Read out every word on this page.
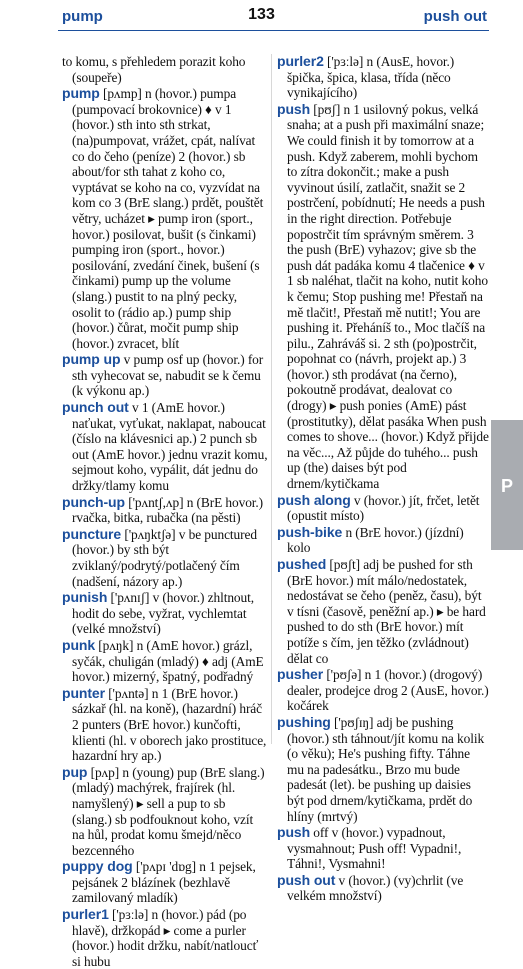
pump	133	push out

to komu, s přehledem porazit koho (soupeře)

pump [pʌmp] n (hovor.) pumpa (pumpovací brokovnice) ♦ v 1 (hovor.) sth into sth strkat, (na)pumpovat, vrážet, cpát, nalívat co do čeho (peníze) 2 (hovor.) sb about/for sth tahat z koho co, vyptávat se koho na co, vyzvídat na kom co 3 (BrE slang.) prdět, pouštět větry, ucházet ▸ pump iron (sport., hovor.) posilovat, bušit (s činkami) pumping iron (sport., hovor.) posilování, zvedání činek, bušení (s činkami) pump up the volume (slang.) pustit to na plný pecky, osolit to (rádio ap.) pump ship (hovor.) čůrat, močit pump ship (hovor.) zvracet, blít

pump up v pump osf up (hovor.) for sth vyhecovat se, nabudit se k čemu (k výkonu ap.)

punch out v 1 (AmE hovor.) naťukat, vyťukat, naklapat, naboucat (číslo na klávesnici ap.) 2 punch sb out (AmE hovor.) jednu vrazit komu, sejmout koho, vypálit, dát jednu do držky/tlamy komu

punch-up ['pʌntʃ,ʌp] n (BrE hovor.) rvačka, bitka, rubačka (na pěsti)

puncture ['pʌŋktʃə] v be punctured (hovor.) by sth být zviklaný/podrytý/potlačený čím (nadšení, názory ap.)

punish ['pʌnɪʃ] v (hovor.) zhltnout, hodit do sebe, vyžrat, vychlemtat (velké množství)

punk [pʌŋk] n (AmE hovor.) grázl, syčák, chuligán (mladý) ♦ adj (AmE hovor.) mizerný, špatný, podřadný

punter ['pʌntə] n 1 (BrE hovor.) sázkař (hl. na koně), (hazardní) hráč 2 punters (BrE hovor.) kunčofti, klienti (hl. v oborech jako prostituce, hazardní hry ap.)

pup [pʌp] n (young) pup (BrE slang.) (mladý) machýrek, frajírek (hl. namyšlený) ▸ sell a pup to sb (slang.) sb podfouknout koho, vzít na hůl, prodat komu šmejd/něco bezcenného

puppy dog ['pʌpɪ 'dɒg] n 1 pejsek, pejsánek 2 blázínek (bezhlavě zamilovaný mladík)

purler1 ['pɜːlə] n (hovor.) pád (po hlavě), držkopád ▸ come a purler (hovor.) hodit držku, nabít/natloucť si hubu

purler2 ['pɜːlə] n (AusE, hovor.) špička, špica, klasa, třída (něco vynikajícího)

push [pʊʃ] n 1 usilovný pokus, velká snaha; at a push při maximální snaze; We could finish it by tomorrow at a push. Když zaberem, mohli bychom to zítra dokončit.; make a push vyvinout úsilí, zatlačit, snažit se 2 postrčení, pobídnutí; He needs a push in the right direction. Potřebuje popostrčit tím správným směrem. 3 the push (BrE) vyhazov; give sb the push dát padáka komu 4 tlačenice ♦ v 1 sb naléhat, tlačit na koho, nutit koho k čemu; Stop pushing me! Přestaň na mě tlačit!, Přestaň mě nutit!; You are pushing it. Přeháníš to., Moc tlačíš na pilu., Zahráváš si. 2 sth (po)postrčit, popohnat co (návrh, projekt ap.) 3 (hovor.) sth prodávat (na černo), pokoutně prodávat, dealovat co (drogy) ▸ push ponies (AmE) pást (prostitutky), dělat pasáka When push comes to shove... (hovor.) Když přijde na věc..., Až půjde do tuhého... push up (the) daises být pod drnem/kytičkama

push along v (hovor.) jít, frčet, letět (opustit místo)

push-bike n (BrE hovor.) (jízdní) kolo

pushed [pʊʃt] adj be pushed for sth (BrE hovor.) mít málo/nedostatek, nedostávat se čeho (peněz, času), být v tísni (časově, peněžní ap.) ▸ be hard pushed to do sth (BrE hovor.) mít potíže s čím, jen těžko (zvládnout) dělat co

pusher ['pʊʃə] n 1 (hovor.) (drogový) dealer, prodejce drog 2 (AusE, hovor.) kočárek

pushing ['pʊʃɪŋ] adj be pushing (hovor.) sth táhnout/jít komu na kolik (o věku); He's pushing fifty. Táhne mu na padesátku., Brzo mu bude padesát (let). be pushing up daisies být pod drnem/kytičkama, prdět do hlíny (mrtvý)

push off v (hovor.) vypadnout, vysmahnout; Push off! Vypadni!, Táhni!, Vysmahni!

push out v (hovor.) (vy)chrlit (ve velkém množství)

P
